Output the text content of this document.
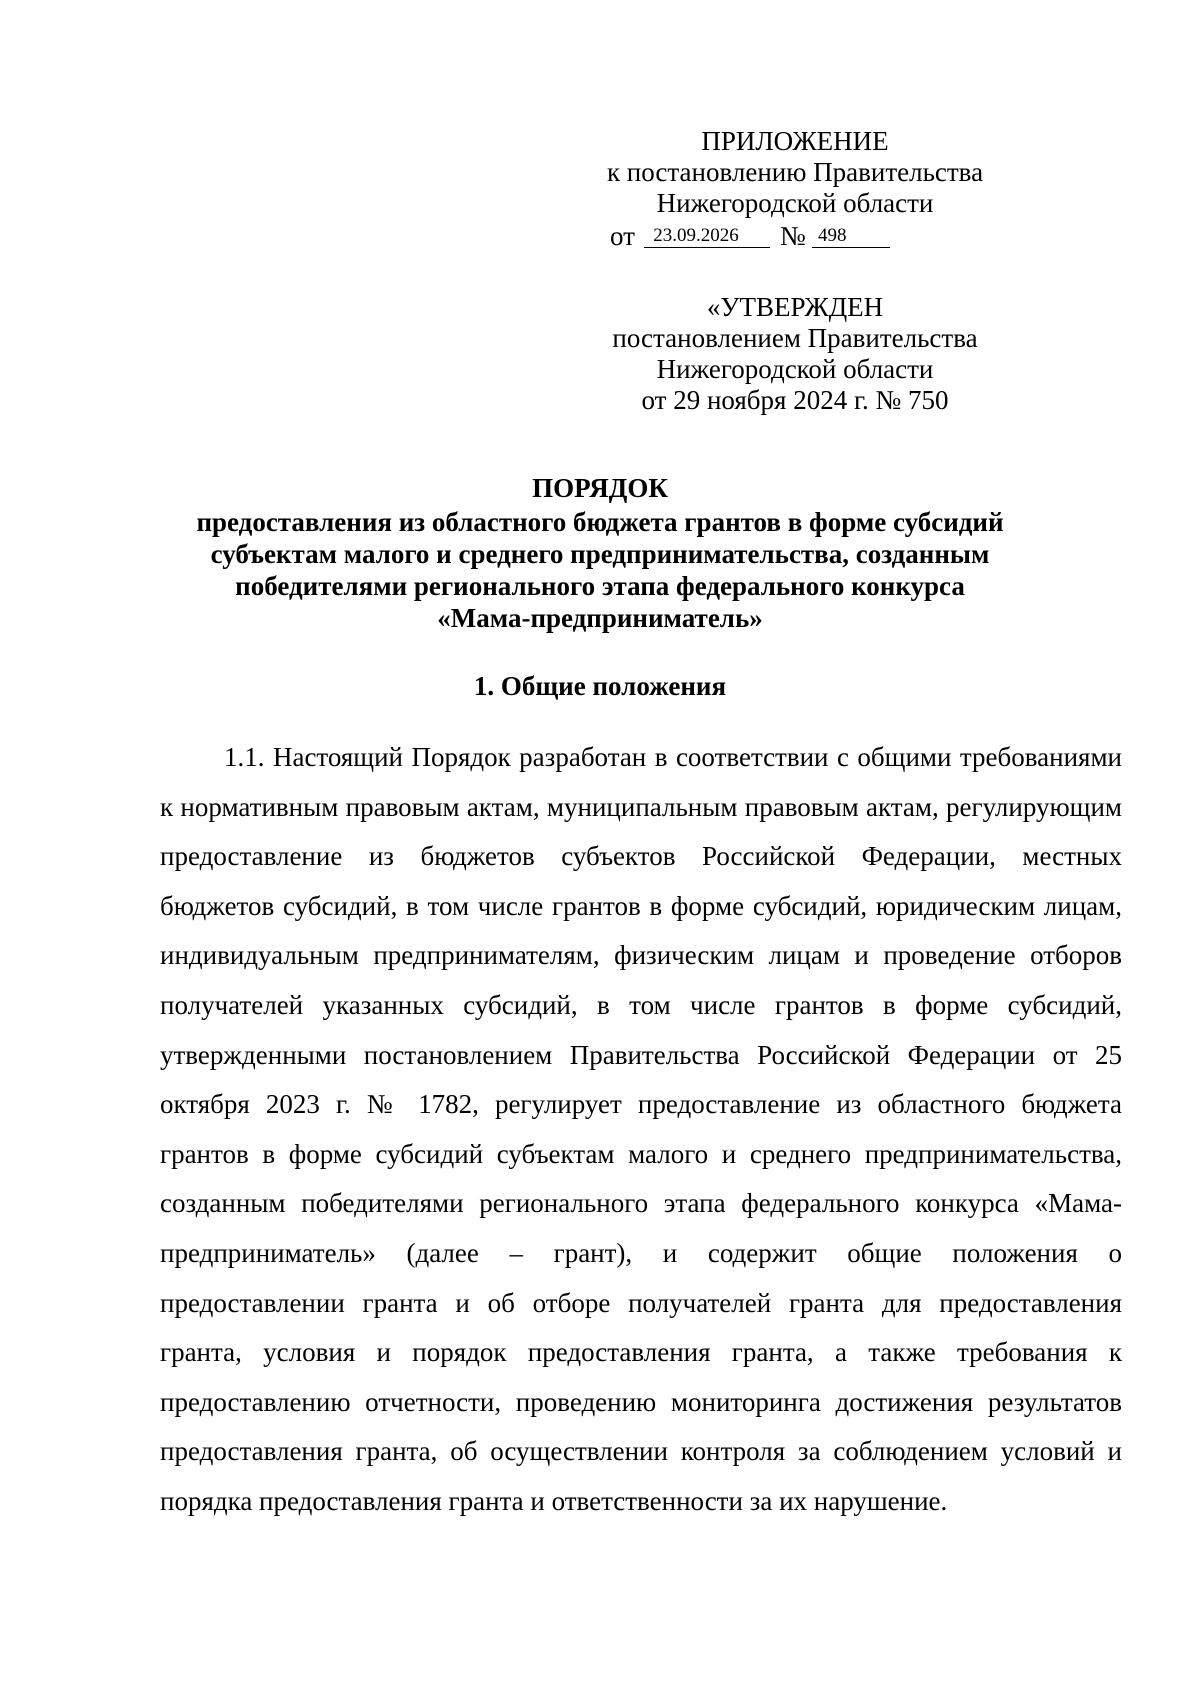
ПРИЛОЖЕНИЕ
к постановлению Правительства
Нижегородской области
от 23.09.2026	№ 498
«УТВЕРЖДЕН
постановлением Правительства
Нижегородской области
от 29 ноября 2024 г. № 750
ПОРЯДОК
предоставления из областного бюджета грантов в форме субсидий
субъектам малого и среднего предпринимательства, созданным
победителями регионального этапа федерального конкурса
«Мама-предприниматель»
1. Общие положения

1.1. Настоящий Порядок разработан в соответствии с общими требованиями к нормативным правовым актам, муниципальным правовым актам, регулирующим предоставление из бюджетов субъектов Российской Федерации, местных бюджетов субсидий, в том числе грантов в форме субсидий, юридическим лицам, индивидуальным предпринимателям, физическим лицам и проведение отборов получателей указанных субсидий, в том числе грантов в форме субсидий, утвержденными постановлением Правительства Российской Федерации от 25 октября 2023 г. № 1782, регулирует предоставление из областного бюджета грантов в форме субсидий субъектам малого и среднего предпринимательства, созданным победителями регионального этапа федерального конкурса «Мама-предприниматель» (далее – грант), и содержит общие положения о предоставлении гранта и об отборе получателей гранта для предоставления гранта, условия и порядок предоставления гранта, а также требования к предоставлению отчетности, проведению мониторинга достижения результатов предоставления гранта, об осуществлении контроля за соблюдением условий и порядка предоставления гранта и ответственности за их нарушение.
